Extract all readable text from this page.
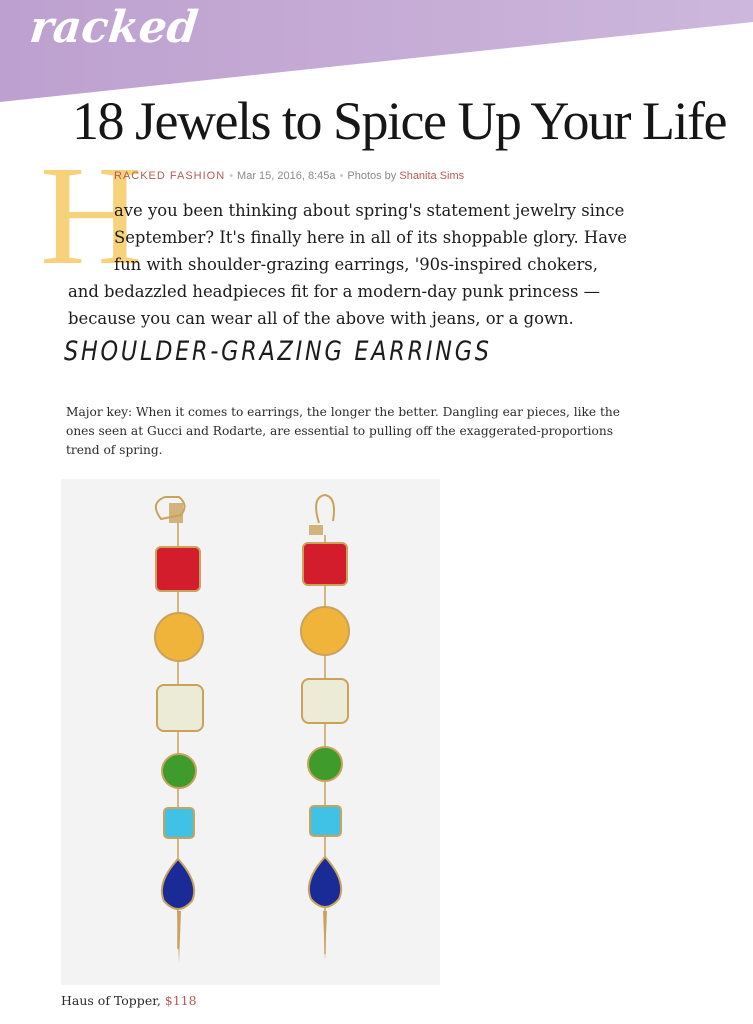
racked
18 Jewels to Spice Up Your Life
H
RACKED FASHION • Mar 15, 2016, 8:45a • Photos by Shanita Sims
ave you been thinking about spring's statement jewelry since
September? It's finally here in all of its shoppable glory. Have
fun with shoulder-grazing earrings, '90s-inspired chokers,
and bedazzled headpieces fit for a modern-day punk princess —
because you can wear all of the above with jeans, or a gown.
SHOULDER-GRAZING EARRINGS
Major key: When it comes to earrings, the longer the better. Dangling ear pieces, like the
ones seen at Gucci and Rodarte, are essential to pulling off the exaggerated-proportions
trend of spring.
Haus of Topper, $118
